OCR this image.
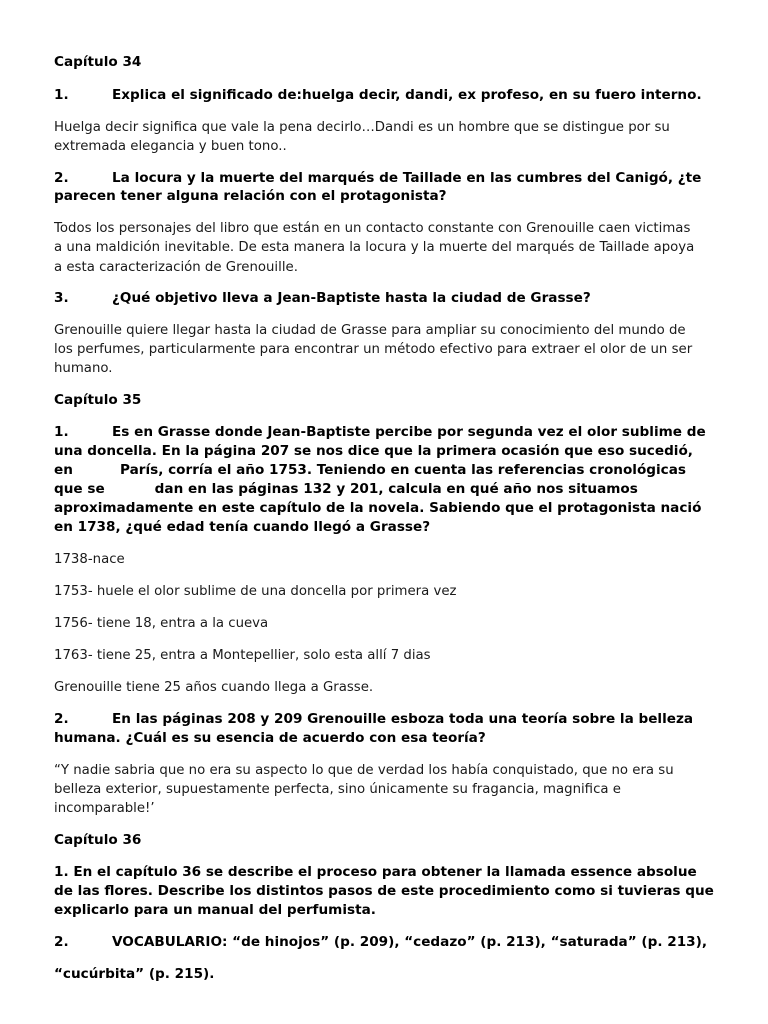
Capítulo 34
1.	Explica el significado de:huelga decir, dandi, ex profeso, en su fuero interno.
Huelga decir significa que vale la pena decirlo…Dandi es un hombre que se distingue por su
extremada elegancia y buen tono..
2.	La locura y la muerte del marqués de Taillade en las cumbres del Canigó, ¿te
parecen tener alguna relación con el protagonista?
Todos los personajes del libro que están en un contacto constante con Grenouille caen victimas
a una maldición inevitable. De esta manera la locura y la muerte del marqués de Taillade apoya
a esta caracterización de Grenouille.
3.	¿Qué objetivo lleva a Jean-Baptiste hasta la ciudad de Grasse?
Grenouille quiere llegar hasta la ciudad de Grasse para ampliar su conocimiento del mundo de
los perfumes, particularmente para encontrar un método efectivo para extraer el olor de un ser
humano.
Capítulo 35
1.	Es en Grasse donde Jean-Baptiste percibe por segunda vez el olor sublime de
una doncella. En la página 207 se nos dice que la primera ocasión que eso sucedió,
en	París, corría el año 1753. Teniendo en cuenta las referencias cronológicas
que se	dan en las páginas 132 y 201, calcula en qué año nos situamos
aproximadamente en este capítulo de la novela. Sabiendo que el protagonista nació
en 1738, ¿qué edad tenía cuando llegó a Grasse?
1738-nace
1753- huele el olor sublime de una doncella por primera vez
1756- tiene 18, entra a la cueva
1763- tiene 25, entra a Montepellier, solo esta allí 7 dias
Grenouille tiene 25 años cuando llega a Grasse.
2.	En las páginas 208 y 209 Grenouille esboza toda una teoría sobre la belleza
humana. ¿Cuál es su esencia de acuerdo con esa teoría?
“Y nadie sabria que no era su aspecto lo que de verdad los había conquistado, que no era su
belleza exterior, supuestamente perfecta, sino únicamente su fragancia, magnifica e
incomparable!’
Capítulo 36
1. En el capítulo 36 se describe el proceso para obtener la llamada essence absolue
de las flores. Describe los distintos pasos de este procedimiento como si tuvieras que
explicarlo para un manual del perfumista.
2.	VOCABULARIO: “de hinojos” (p. 209), “cedazo” (p. 213), “saturada” (p. 213),
“cucúrbita” (p. 215).
